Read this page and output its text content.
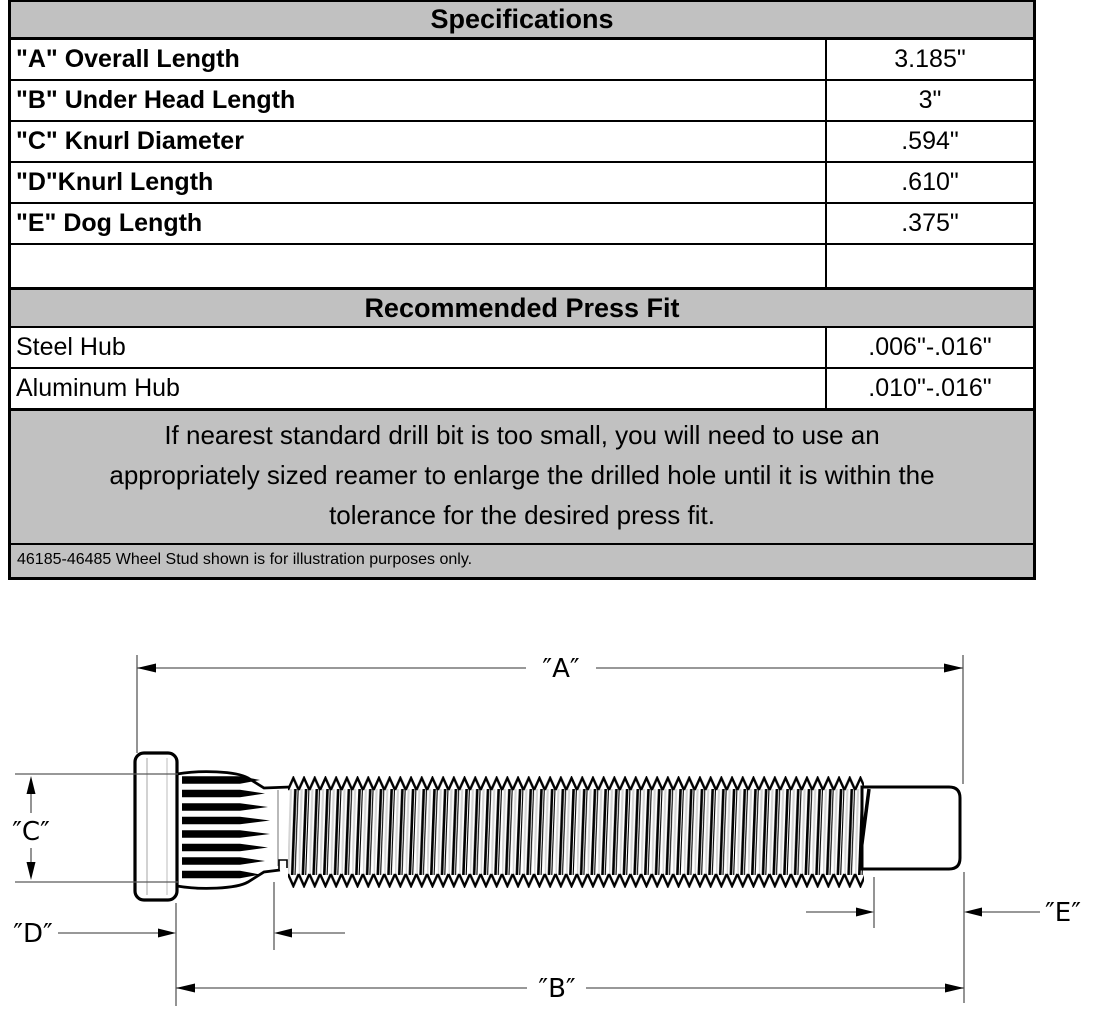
Specifications
"A" Overall Length	3.185"
"B" Under Head Length	3"
"C" Knurl Diameter	.594"
"D"Knurl Length	.610"
"E" Dog Length	.375"
Recommended Press Fit
Steel Hub	.006"-.016"
Aluminum Hub	.010"-.016"
If nearest standard drill bit is too small, you will need to use an
appropriately sized reamer to enlarge the drilled hole until it is within the
tolerance for the desired press fit.
46185-46485 Wheel Stud shown is for illustration purposes only.
″A″
″B″
″C″
″D″
″E″
